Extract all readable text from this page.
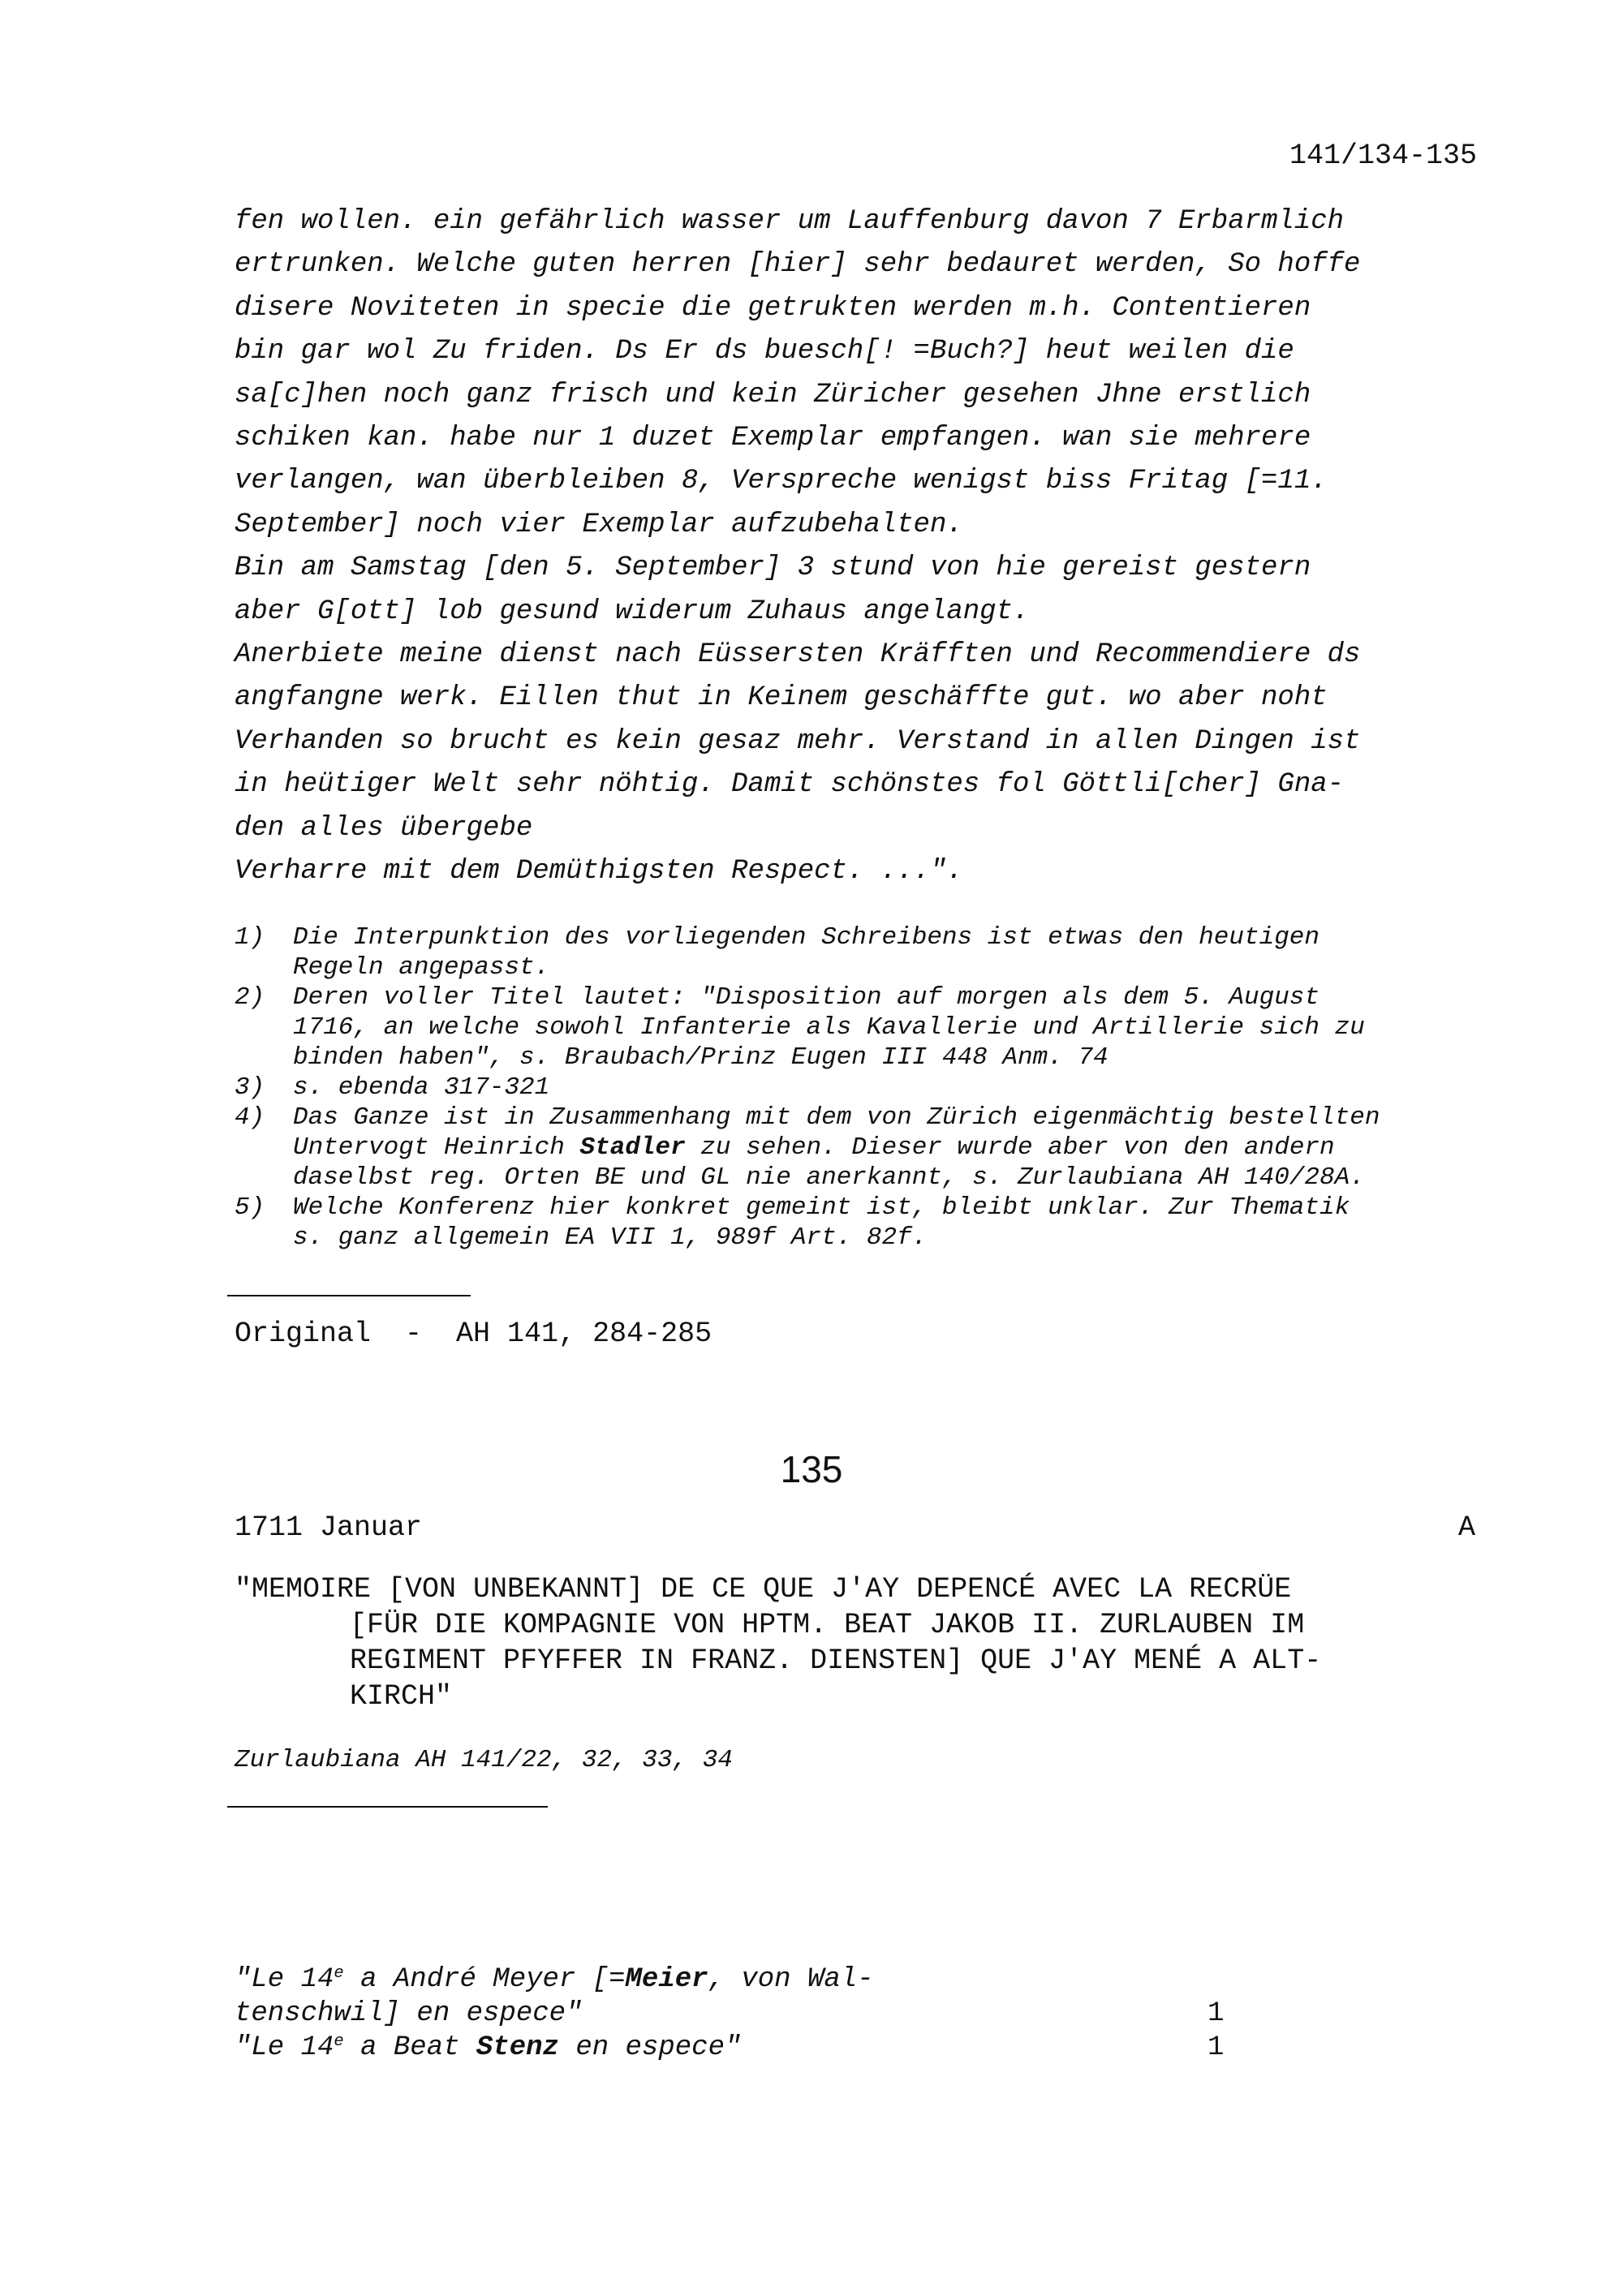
141/134-135
fen wollen. ein gefährlich wasser um Lauffenburg davon 7 Erbarmlich
ertrunken. Welche guten herren [hier] sehr bedauret werden, So hoffe
disere Noviteten in specie die getrukten werden m.h. Contentieren
bin gar wol Zu friden. Ds Er ds buesch[! =Buch?] heut weilen die
sa[c]hen noch ganz frisch und kein Züricher gesehen Jhne erstlich
schiken kan. habe nur 1 duzet Exemplar empfangen. wan sie mehrere
verlangen, wan überbleiben 8, Verspreche wenigst biss Fritag [=11.
September] noch vier Exemplar aufzubehalten.
Bin am Samstag [den 5. September] 3 stund von hie gereist gestern
aber G[ott] lob gesund widerum Zuhaus angelangt.
Anerbiete meine dienst nach Eüssersten Kräfften und Recommendiere ds
angfangne werk. Eillen thut in Keinem geschäffte gut. wo aber noht
Verhanden so brucht es kein gesaz mehr. Verstand in allen Dingen ist
in heütiger Welt sehr nöhtig. Damit schönstes fol Göttli[cher] Gna-
den alles übergebe
Verharre mit dem Demüthigsten Respect. ...".
1)	Die Interpunktion des vorliegenden Schreibens ist etwas den heutigen
Regeln angepasst.
2)	Deren voller Titel lautet: "Disposition auf morgen als dem 5. August
1716, an welche sowohl Infanterie als Kavallerie und Artillerie sich zu
binden haben", s. Braubach/Prinz Eugen III 448 Anm. 74
3)	s. ebenda 317-321
4)	Das Ganze ist in Zusammenhang mit dem von Zürich eigenmächtig bestellten
Untervogt Heinrich Stadler zu sehen. Dieser wurde aber von den andern
daselbst reg. Orten BE und GL nie anerkannt, s. Zurlaubiana AH 140/28A.
5)	Welche Konferenz hier konkret gemeint ist, bleibt unklar. Zur Thematik
s. ganz allgemein EA VII 1, 989f Art. 82f.
Original  -  AH 141, 284-285
135
1711 Januar	A
"MEMOIRE [VON UNBEKANNT] DE CE QUE J'AY DEPENCÉ AVEC LA RECRÜE
[FÜR DIE KOMPAGNIE VON HPTM. BEAT JAKOB II. ZURLAUBEN IM
REGIMENT PFYFFER IN FRANZ. DIENSTEN] QUE J'AY MENÉ A ALT-
KIRCH"
Zurlaubiana AH 141/22, 32, 33, 34
"Le 14e a André Meyer [=Meier, von Wal-
tenschwil] en espece"	1
"Le 14e a Beat Stenz en espece"	1
